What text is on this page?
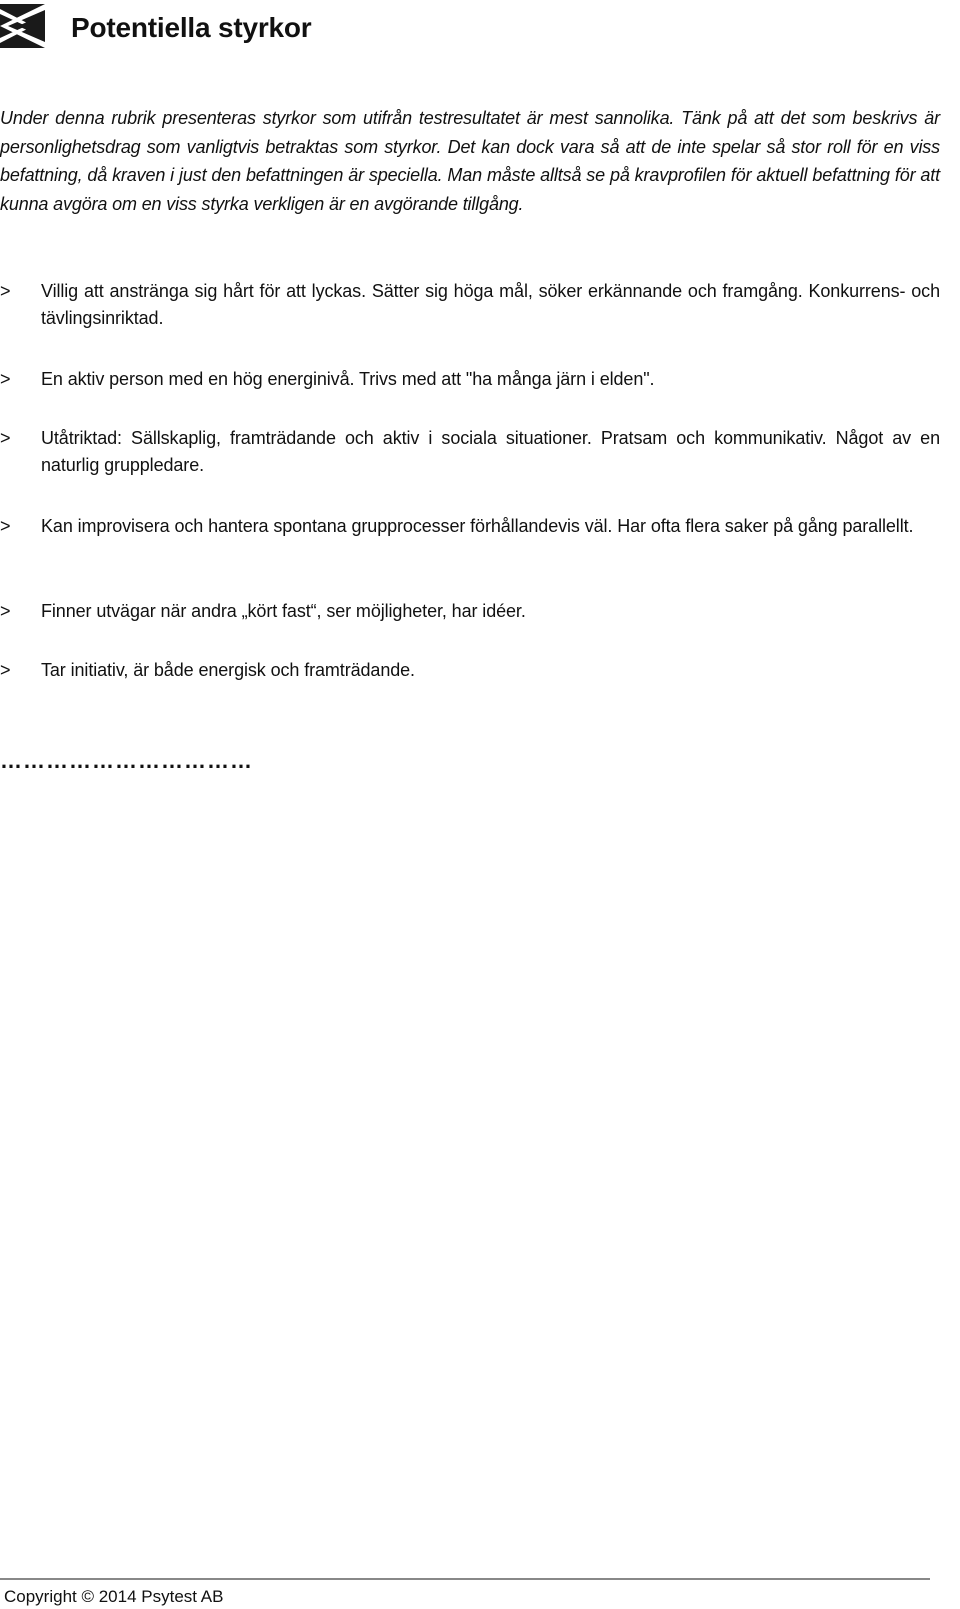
Potentiella styrkor
Under denna rubrik presenteras styrkor som utifrån testresultatet är mest sannolika. Tänk på att det som beskrivs är personlighetsdrag som vanligtvis betraktas som styrkor. Det kan dock vara så att de inte spelar så stor roll för en viss befattning, då kraven i just den befattningen är speciella. Man måste alltså se på kravprofilen för aktuell befattning för att kunna avgöra om en viss styrka verkligen är en avgörande tillgång.
>	Villig att anstränga sig hårt för att lyckas. Sätter sig höga mål, söker erkännande och framgång. Konkurrens- och tävlingsinriktad.
>	En aktiv person med en hög energinivå. Trivs med att "ha många järn i elden".
>	Utåtriktad: Sällskaplig, framträdande och aktiv i sociala situationer. Pratsam och kommunikativ. Något av en naturlig gruppledare.
>	Kan improvisera och hantera spontana grupprocesser förhållandevis väl. Har ofta flera saker på gång parallellt.
>	Finner utvägar när andra „kört fast“, ser möjligheter, har idéer.
>	Tar initiativ, är både energisk och framträdande.
……………………………
Copyright © 2014 Psytest AB
